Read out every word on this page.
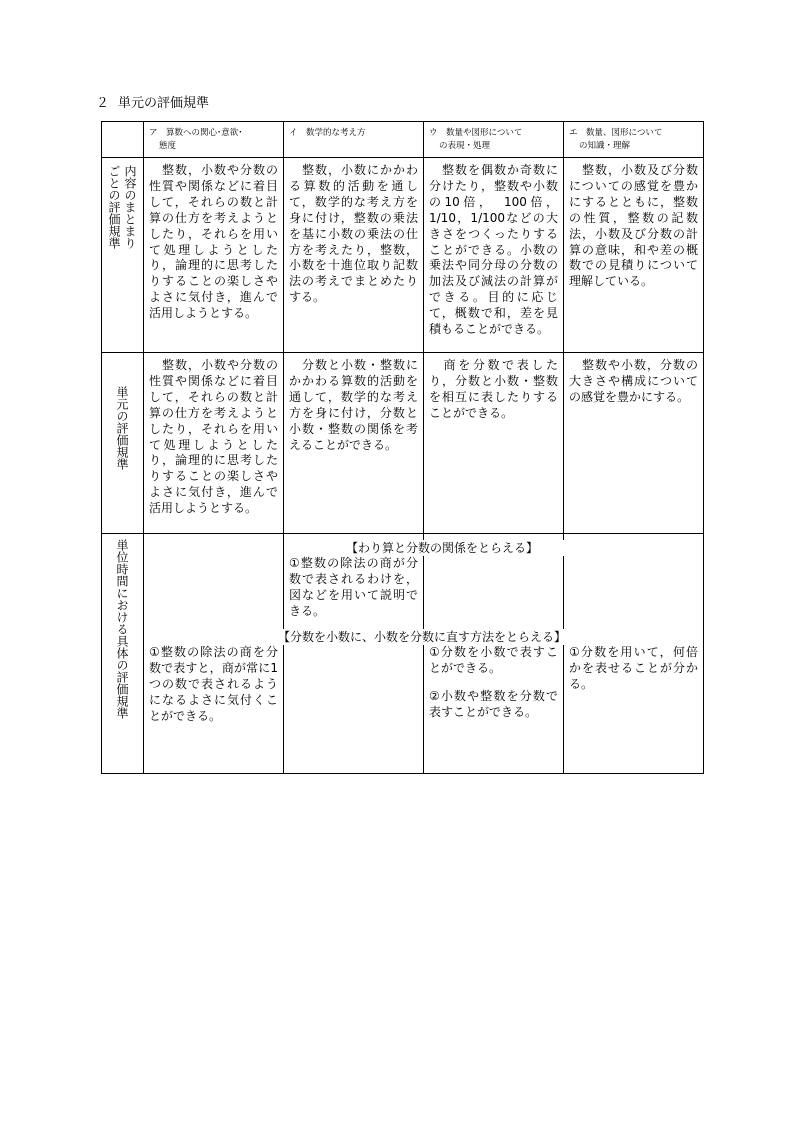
２ 単元の評価規準
ア　算数への関心･意欲･
態度
イ　数学的な考え方	ウ　数量や図形について
の表現・処理
エ　数量、図形について
の知識・理解
内容のまとまり
ごとの評価規準 　整数，小数や分数の性質や関係などに着目して，それらの数と計算の仕方を考えようとしたり，それらを用いて処理しようとしたり，論理的に思考したりすることの楽しさやよさに気付き，進んで活用しようとする。
　整数，小数にかかわる算数的活動を通して，数学的な考え方を身に付け，整数の乗法を基に小数の乗法の仕方を考えたり，整数，小数を十進位取り記数法の考えでまとめたりする。
　整数を偶数か奇数に分けたり，整数や小数の10倍，　100倍，1/10，1/100などの大きさをつくったりすることができる。小数の乗法や同分母の分数の加法及び減法の計算ができる。目的に応じて，概数で和，差を見積もることができる。
　整数，小数及び分数についての感覚を豊かにするとともに，整数の性質，整数の記数法，小数及び分数の計算の意味，和や差の概数での見積りについて理解している。
単元の評価規準
　整数，小数や分数の性質や関係などに着目して，それらの数と計算の仕方を考えようとしたり，それらを用いて処理しようとしたり，論理的に思考したりすることの楽しさやよさに気付き，進んで活用しようとする。
　分数と小数・整数にかかわる算数的活動を通して，数学的な考え方を身に付け，分数と小数・整数の関係を考えることができる。
　商を分数で表したり，分数と小数・整数を相互に表したりすることができる。
　整数や小数，分数の大きさや構成についての感覚を豊かにする。
単位時間における具体の評価規準	【わり算と分数の関係をとらえる】
①整数の除法の商が分数で表されるわけを，図などを用いて説明できる。
【分数を小数に、小数を分数に直す方法をとらえる】
①整数の除法の商を分数で表すと，商が常に1つの数で表されるようになるよさに気付くことができる。
①分数を小数で表すことができる。
②小数や整数を分数で表すことができる。
①分数を用いて，何倍かを表せることが分かる。
